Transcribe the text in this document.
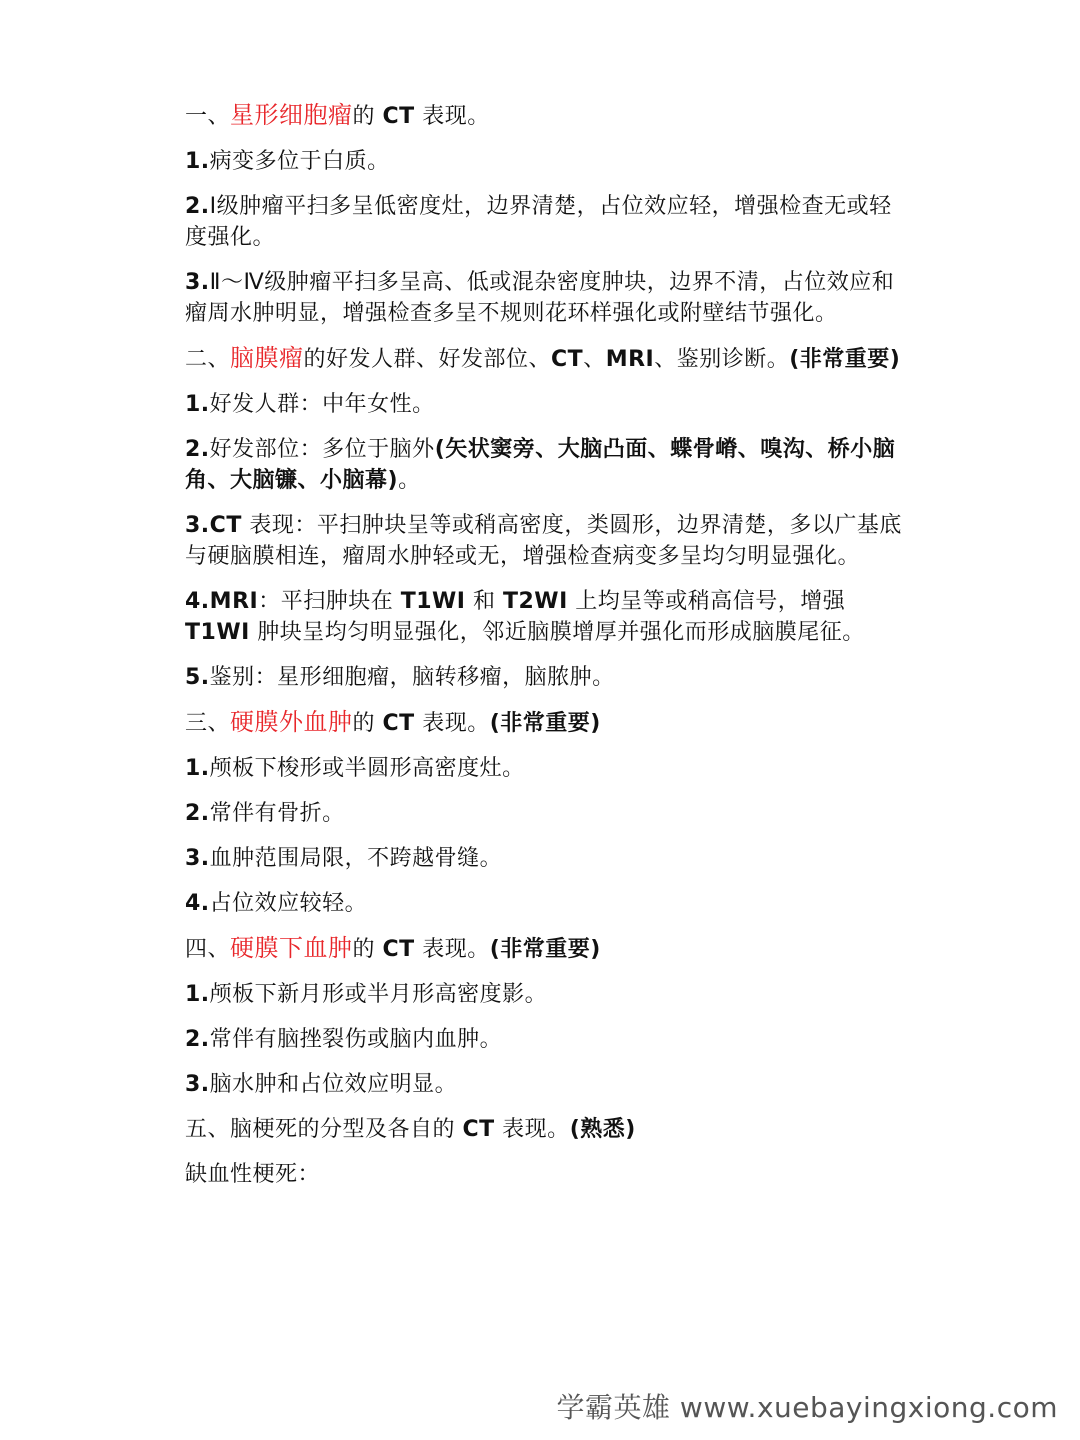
一、星形细胞瘤的 CT 表现。

1.病变多位于白质。

2.Ⅰ级肿瘤平扫多呈低密度灶，边界清楚，占位效应轻，增强检查无或轻度强化。

3.Ⅱ～Ⅳ级肿瘤平扫多呈高、低或混杂密度肿块，边界不清，占位效应和瘤周水肿明显，增强检查多呈不规则花环样强化或附壁结节强化。

二、脑膜瘤的好发人群、好发部位、CT、MRI、鉴别诊断。(非常重要)

1.好发人群：中年女性。

2.好发部位：多位于脑外(矢状窦旁、大脑凸面、蝶骨嵴、嗅沟、桥小脑角、大脑镰、小脑幕)。

3.CT 表现：平扫肿块呈等或稍高密度，类圆形，边界清楚，多以广基底与硬脑膜相连，瘤周水肿轻或无，增强检查病变多呈均匀明显强化。

4.MRI：平扫肿块在 T1WI 和 T2WI 上均呈等或稍高信号，增强 T1WI 肿块呈均匀明显强化，邻近脑膜增厚并强化而形成脑膜尾征。

5.鉴别：星形细胞瘤，脑转移瘤，脑脓肿。

三、硬膜外血肿的 CT 表现。(非常重要)

1.颅板下梭形或半圆形高密度灶。

2.常伴有骨折。

3.血肿范围局限，不跨越骨缝。

4.占位效应较轻。

四、硬膜下血肿的 CT 表现。(非常重要)

1.颅板下新月形或半月形高密度影。

2.常伴有脑挫裂伤或脑内血肿。

3.脑水肿和占位效应明显。

五、脑梗死的分型及各自的 CT 表现。(熟悉)

缺血性梗死：

学霸英雄 www.xuebayingxiong.com
